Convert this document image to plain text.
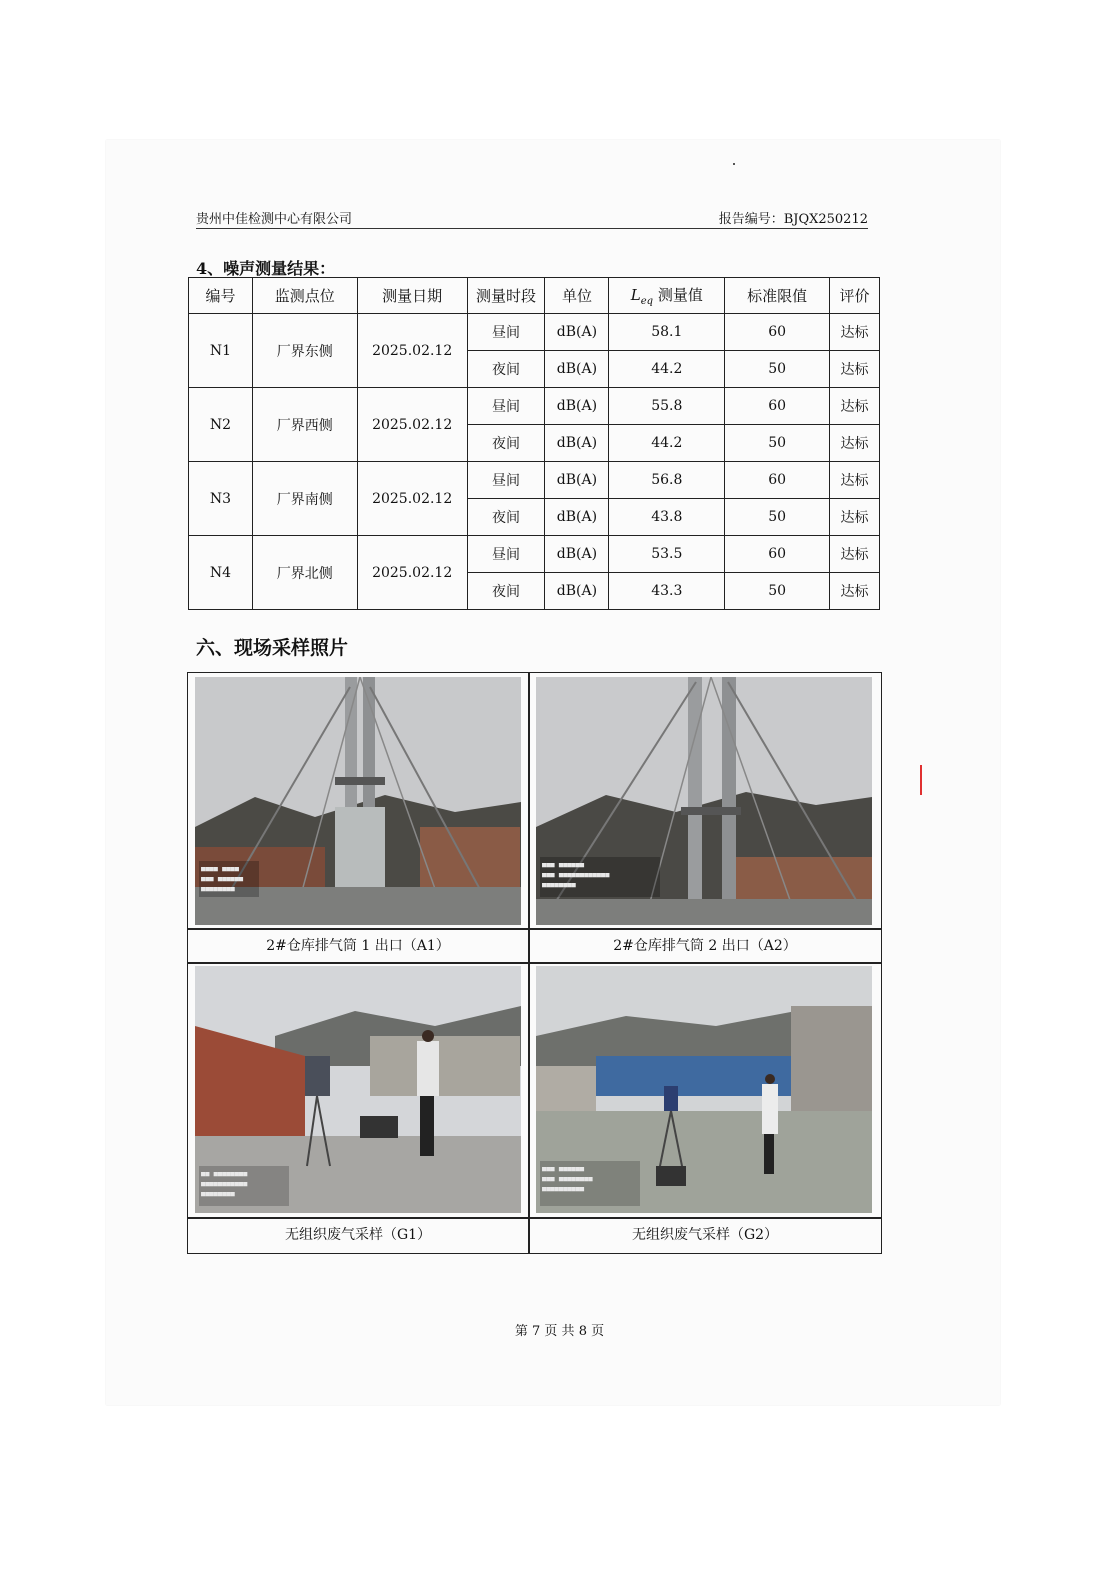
贵州中佳检测中心有限公司	报告编号：BJQX250212
4、噪声测量结果：
编号	监测点位	测量日期	测量时段	单位	$L_{eq}$ 测量值	标准限值	评价
N1	厂界东侧	2025.02.12	昼间	dB(A)	58.1	60	达标
			夜间	dB(A)	44.2	50	达标
N2	厂界西侧	2025.02.12	昼间	dB(A)	55.8	60	达标
			夜间	dB(A)	44.2	50	达标
N3	厂界南侧	2025.02.12	昼间	dB(A)	56.8	60	达标
			夜间	dB(A)	43.8	50	达标
N4	厂界北侧	2025.02.12	昼间	dB(A)	53.5	60	达标
			夜间	dB(A)	43.3	50	达标
六、现场采样照片
■■■■ ■■■■
■■■ ■■■■■■
■■■■■■■■
■■■ ■■■■■■
■■■ ■■■■■■■■■■■■
■■■■■■■■
2#仓库排气筒 1 出口（A1）	2#仓库排气筒 2 出口（A2）
■■ ■■■■■■■■
■■■■■■■■■■■
■■■■■■■■
■■■ ■■■■■■
■■■ ■■■■■■■■
■■■■■■■■■■
无组织废气采样（G1）	无组织废气采样（G2）
第 7 页 共 8 页
